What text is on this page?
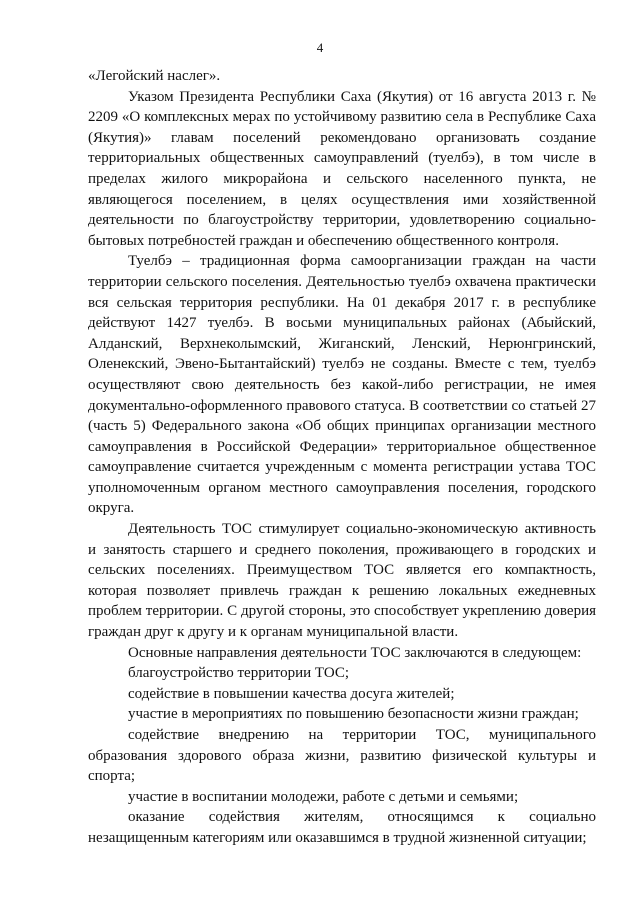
4

«Легойский наслег».

Указом Президента Республики Саха (Якутия) от 16 августа 2013 г. № 2209 «О комплексных мерах по устойчивому развитию села в Республике Саха (Якутия)» главам поселений рекомендовано организовать создание территориальных общественных самоуправлений (туелбэ), в том числе в пределах жилого микрорайона и сельского населенного пункта, не являющегося поселением, в целях осуществления ими хозяйственной деятельности по благоустройству территории, удовлетворению социально-бытовых потребностей граждан и обеспечению общественного контроля.

Туелбэ – традиционная форма самоорганизации граждан на части территории сельского поселения. Деятельностью туелбэ охвачена практически вся сельская территория республики. На 01 декабря 2017 г. в республике действуют 1427 туелбэ. В восьми муниципальных районах (Абыйский, Алданский, Верхнеколымский, Жиганский, Ленский, Нерюнгринский, Оленекский, Эвено-Бытантайский) туелбэ не созданы. Вместе с тем, туелбэ осуществляют свою деятельность без какой-либо регистрации, не имея документально-оформленного правового статуса. В соответствии со статьей 27 (часть 5) Федерального закона «Об общих принципах организации местного самоуправления в Российской Федерации» территориальное общественное самоуправление считается учрежденным с момента регистрации устава ТОС уполномоченным органом местного самоуправления поселения, городского округа.

Деятельность ТОС стимулирует социально-экономическую активность и занятость старшего и среднего поколения, проживающего в городских и сельских поселениях. Преимуществом ТОС является его компактность, которая позволяет привлечь граждан к решению локальных ежедневных проблем территории. С другой стороны, это способствует укреплению доверия граждан друг к другу и к органам муниципальной власти.

Основные направления деятельности ТОС заключаются в следующем:

благоустройство территории ТОС;

содействие в повышении качества досуга жителей;

участие в мероприятиях по повышению безопасности жизни граждан;

содействие внедрению на территории ТОС, муниципального образования здорового образа жизни, развитию физической культуры и спорта;

участие в воспитании молодежи, работе с детьми и семьями;

оказание содействия жителям, относящимся к социально незащищенным категориям или оказавшимся в трудной жизненной ситуации;
